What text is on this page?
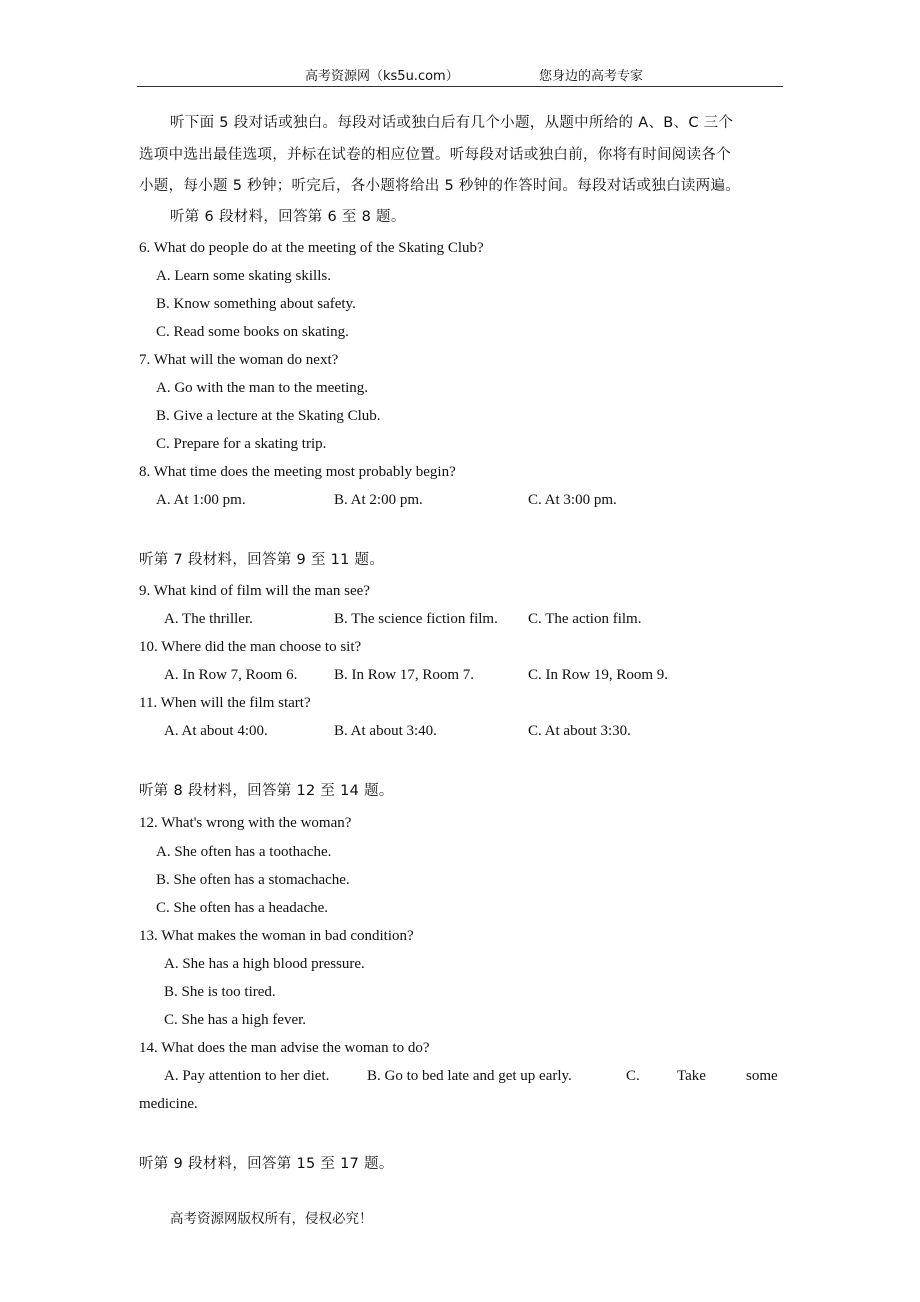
高考资源网（ks5u.com）	您身边的高考专家
听下面 5 段对话或独白。每段对话或独白后有几个小题，从题中所给的 A、B、C 三个
选项中选出最佳选项，并标在试卷的相应位置。听每段对话或独白前，你将有时间阅读各个
小题，每小题 5 秒钟；听完后，各小题将给出 5 秒钟的作答时间。每段对话或独白读两遍。
听第 6 段材料，回答第 6 至 8 题。
6. What do people do at the meeting of the Skating Club?
A. Learn some skating skills.
B. Know something about safety.
C. Read some books on skating.
7. What will the woman do next?
A. Go with the man to the meeting.
B. Give a lecture at the Skating Club.
C. Prepare for a skating trip.
8. What time does the meeting most probably begin?
A. At 1:00 pm.	B. At 2:00 pm.	C. At 3:00 pm.
听第 7 段材料，回答第 9 至 11 题。
9. What kind of film will the man see?
A. The thriller.	B. The science fiction film. C. The action film.
10. Where did the man choose to sit?
A. In Row 7, Room 6. B. In Row 17, Room 7.	C. In Row 19, Room 9.
11. When will the film start?
A. At about 4:00.	B. At about 3:40.	C. At about 3:30.
听第 8 段材料，回答第 12 至 14 题。
12. What's wrong with the woman?
A. She often has a toothache.
B. She often has a stomachache.
C. She often has a headache.
13. What makes the woman in bad condition?
A. She has a high blood pressure.
B. She is too tired.
C. She has a high fever.
14. What does the man advise the woman to do?
A. Pay attention to her diet.	B. Go to bed late and get up early.	C. Take	some
medicine.
听第 9 段材料，回答第 15 至 17 题。
高考资源网版权所有，侵权必究！
